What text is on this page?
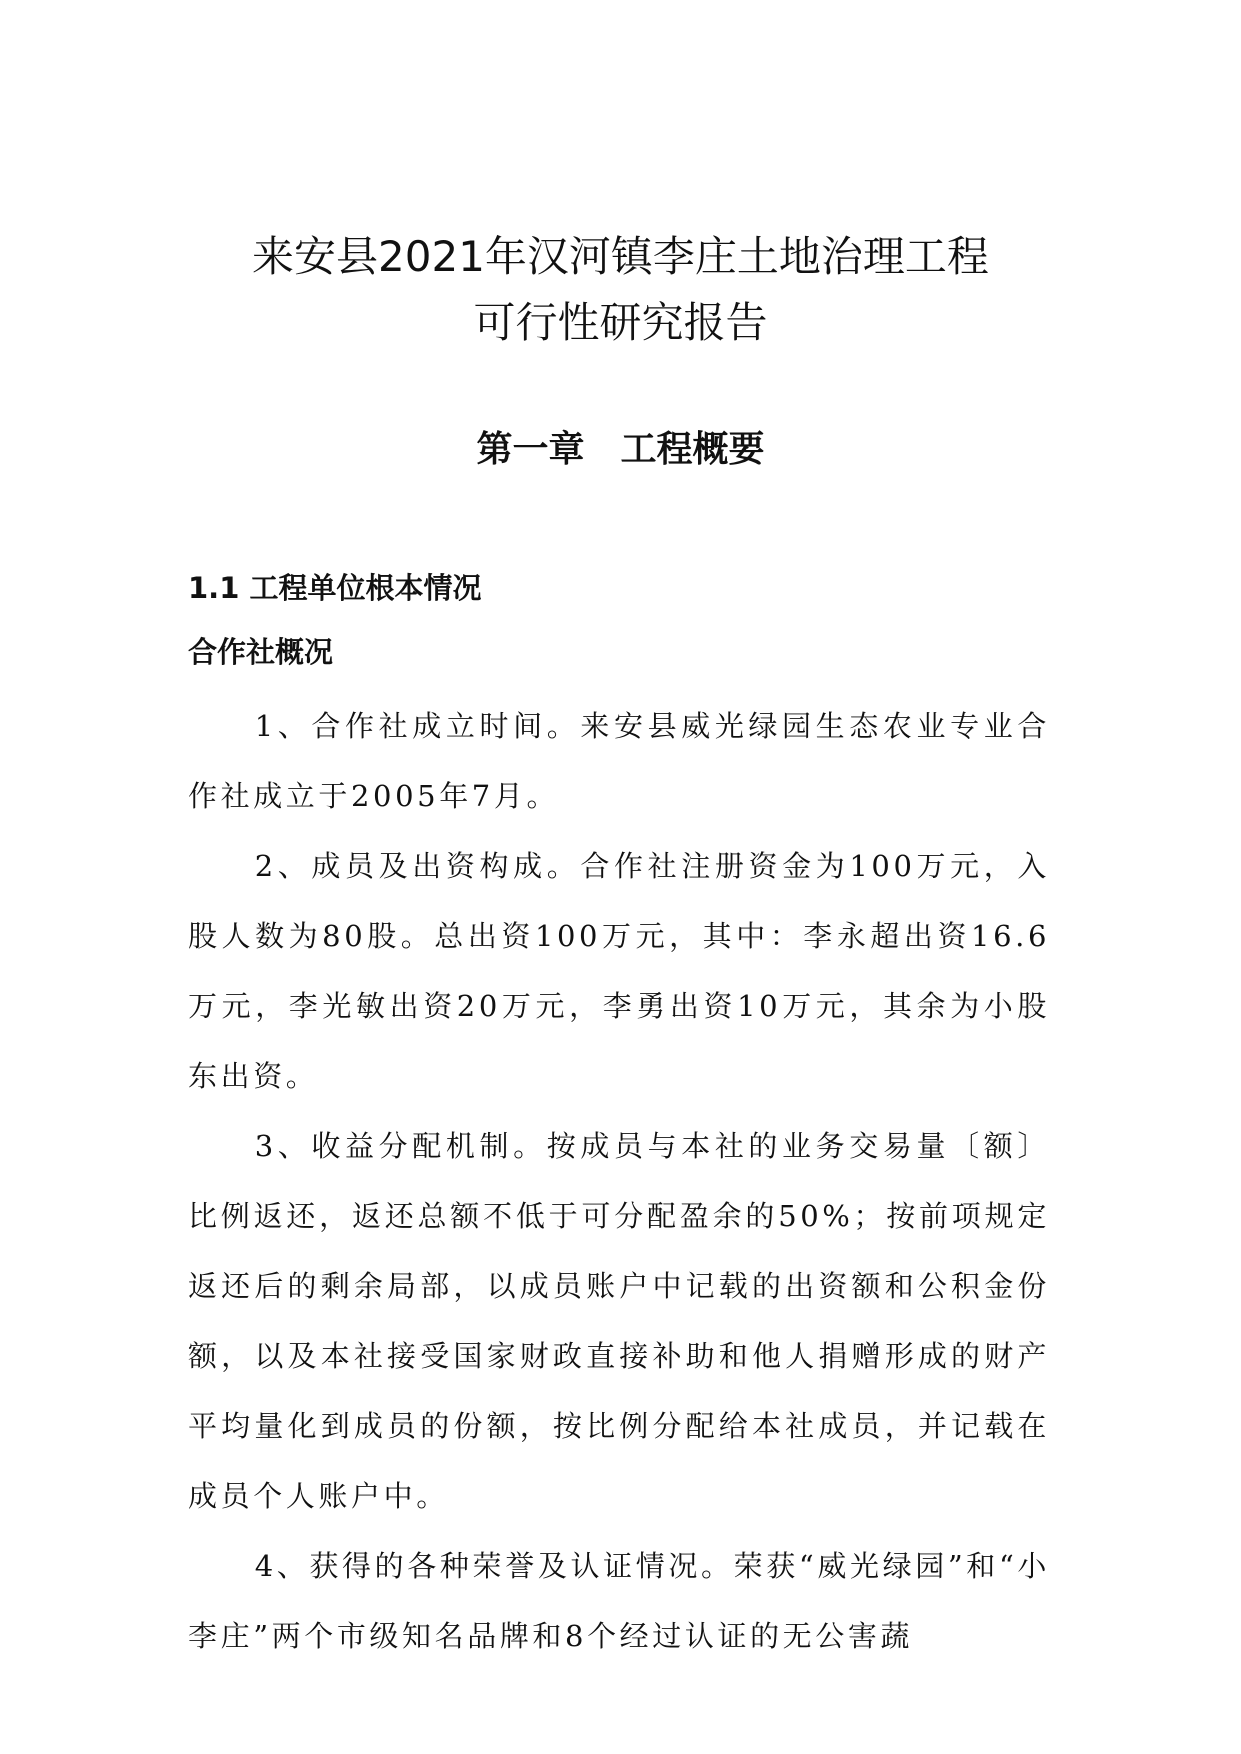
来安县2021年汉河镇李庄土地治理工程
可行性研究报告
第一章　工程概要
1.1 工程单位根本情况
合作社概况

1、合作社成立时间。来安县威光绿园生态农业专业合作社成立于2005年7月。

2、成员及出资构成。合作社注册资金为100万元，入股人数为80股。总出资100万元，其中：李永超出资16.6万元，李光敏出资20万元，李勇出资10万元，其余为小股东出资。

3、收益分配机制。按成员与本社的业务交易量〔额〕比例返还，返还总额不低于可分配盈余的50%；按前项规定返还后的剩余局部，以成员账户中记载的出资额和公积金份额，以及本社接受国家财政直接补助和他人捐赠形成的财产平均量化到成员的份额，按比例分配给本社成员，并记载在成员个人账户中。

4、获得的各种荣誉及认证情况。荣获“威光绿园”和“小李庄”两个市级知名品牌和8个经过认证的无公害蔬
